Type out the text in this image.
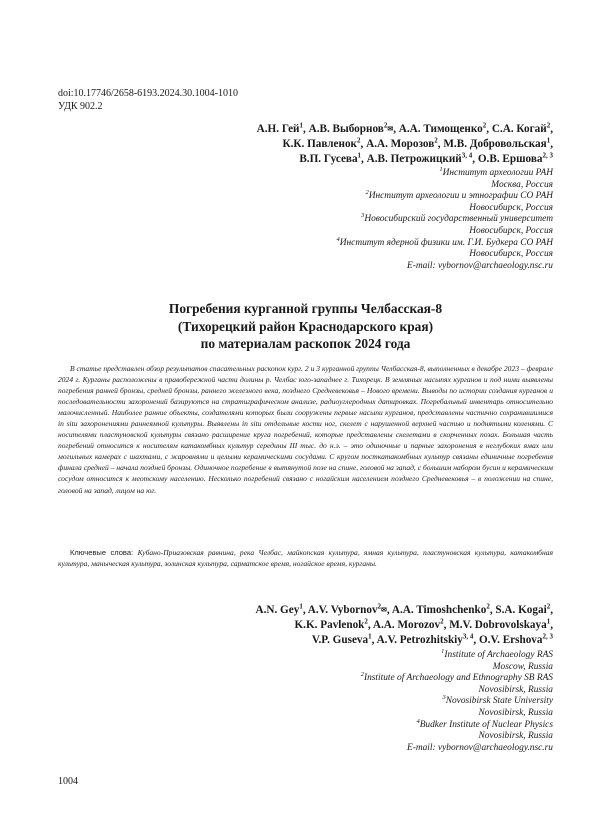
doi:10.17746/2658-6193.2024.30.1004-1010
УДК 902.2
А.Н. Гей$^1$, А.В. Выборнов$^{2✉}$, А.А. Тимощенко$^2$, С.А. Когай$^2$,
К.К. Павленок$^2$, А.А. Морозов$^2$, М.В. Добровольская$^1$,
В.П. Гусева$^1$, А.В. Петрожицкий$^{3, 4}$, О.В. Ершова$^{2, 3}$
$^1$Институт археологии РАН
Москва, Россия
$^2$Институт археологии и этнографии СО РАН
Новосибирск, Россия
$^3$Новосибирский государственный университет
Новосибирск, Россия
$^4$Институт ядерной физики им. Г.И. Будкера СО РАН
Новосибирск, Россия
E-mail: vybornov@archaeology.nsc.ru
Погребения курганной группы Челбасская-8
(Тихорецкий район Краснодарского края)
по материалам раскопок 2024 года
В статье представлен обзор результатов спасательных раскопок кург. 2 и 3 курганной группы Челбасская-8, выполненных в декабре 2023 – феврале 2024 г. Курганы расположены в правобережной части долины р. Челбас юго-западнее г. Тихорецк. В земляных насыпях курганов и под ними выявлены погребения ранней бронзы, средней бронзы, раннего железного века, позднего Средневековья – Нового времени. Выводы по истории создания курганов и последовательности захоронений базируются на стратиграфическом анализе, радиоуглеродных датировках. Погребальный инвентарь относительно малочисленный. Наиболее ранние объекты, создателями которых были сооружены первые насыпи курганов, представлены частично сохранившимися in situ захоронениями раннеямной культуры. Выявлены in situ отдельные кости ног, скелет с нарушенной верхней частью и поднятыми коленями. С носителями пластуновской культуры связано расширение круга погребений, которые представлены скелетами в скорченных позах. Большая часть погребений относится к носителям катакомбных культур середины III тыс. до н.э. – это одиночные и парные захоронения в неглубоких ямах или могильных камерах с шахтами, с жаровнями и целыми керамическими сосудами. С кругом посткатакомбных культур связаны единичные погребения финала средней – начала поздней бронзы. Одиночное погребение в вытянутой позе на спине, головой на запад, с большим набором бусин и керамическим сосудом относится к меотскому населению. Несколько погребений связано с ногайским населением позднего Средневековья – в положении на спине, головой на запад, лицом на юг.
Ключевые слова: Кубано-Приазовская равнина, река Челбас, майкопская культура, ямная культура, пластуновская культура, катакомбная культура, маныческая культура, золинская культура, сарматское время, ногайское время, курганы.
A.N. Gey$^1$, A.V. Vybornov$^{2✉}$, A.A. Timoshchenko$^2$, S.A. Kogai$^2$,
K.K. Pavlenok$^2$, A.A. Morozov$^2$, M.V. Dobrovolskaya$^1$,
V.P. Guseva$^1$, A.V. Petrozhitskiy$^{3, 4}$, O.V. Ershova$^{2, 3}$
$^1$Institute of Archaeology RAS
Moscow, Russia
$^2$Institute of Archaeology and Ethnography SB RAS
Novosibirsk, Russia
$^3$Novosibirsk State University
Novosibirsk, Russia
$^4$Budker Institute of Nuclear Physics
Novosibirsk, Russia
E-mail: vybornov@archaeology.nsc.ru
1004
